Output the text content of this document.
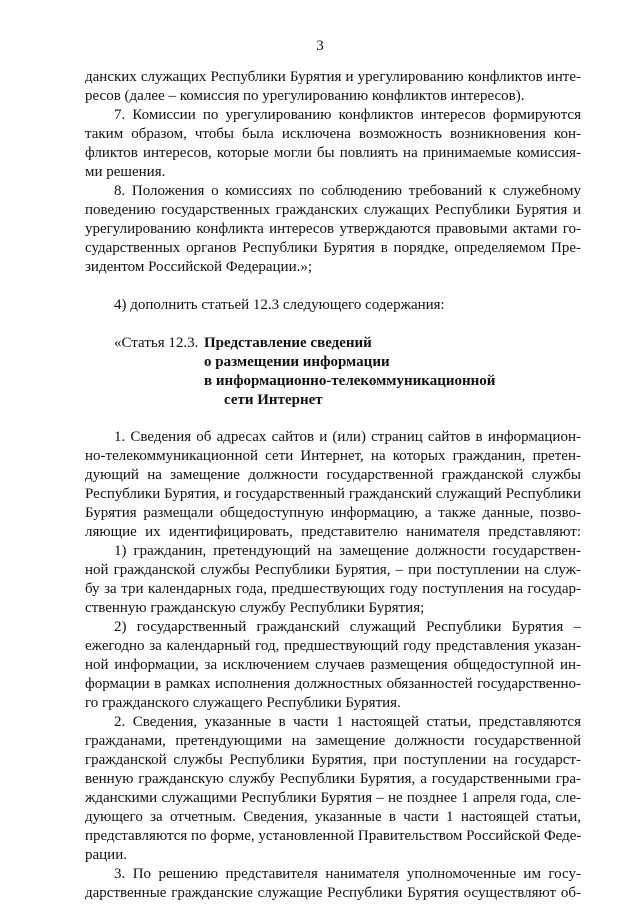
3
данских служащих Республики Бурятия и урегулированию конфликтов инте-
ресов (далее – комиссия по урегулированию конфликтов интересов).
7. Комиссии по урегулированию конфликтов интересов формируются
таким образом, чтобы была исключена возможность возникновения кон-
фликтов интересов, которые могли бы повлиять на принимаемые комиссия-
ми решения.
8. Положения о комиссиях по соблюдению требований к служебному
поведению государственных гражданских служащих Республики Бурятия и
урегулированию конфликта интересов утверждаются правовыми актами го-
сударственных органов Республики Бурятия в порядке, определяемом Пре-
зидентом Российской Федерации.»;
4) дополнить статьей 12.3 следующего содержания:
«Статья 12.3. Представление сведений
о размещении информации
в информационно-телекоммуникационной
сети Интернет
1. Сведения об адресах сайтов и (или) страниц сайтов в информацион-
но-телекоммуникационной сети Интернет, на которых гражданин, претен-
дующий на замещение должности государственной гражданской службы
Республики Бурятия, и государственный гражданский служащий Республики
Бурятия размещали общедоступную информацию, а также данные, позво-
ляющие их идентифицировать, представителю нанимателя представляют:
1) гражданин, претендующий на замещение должности государствен-
ной гражданской службы Республики Бурятия, – при поступлении на служ-
бу за три календарных года, предшествующих году поступления на государ-
ственную гражданскую службу Республики Бурятия;
2) государственный гражданский служащий Республики Бурятия –
ежегодно за календарный год, предшествующий году представления указан-
ной информации, за исключением случаев размещения общедоступной ин-
формации в рамках исполнения должностных обязанностей государственно-
го гражданского служащего Республики Бурятия.
2. Сведения, указанные в части 1 настоящей статьи, представляются
гражданами, претендующими на замещение должности государственной
гражданской службы Республики Бурятия, при поступлении на государст-
венную гражданскую службу Республики Бурятия, а государственными гра-
жданскими служащими Республики Бурятия – не позднее 1 апреля года, сле-
дующего за отчетным. Сведения, указанные в части 1 настоящей статьи,
представляются по форме, установленной Правительством Российской Феде-
рации.
3. По решению представителя нанимателя уполномоченные им госу-
дарственные гражданские служащие Республики Бурятия осуществляют об-
